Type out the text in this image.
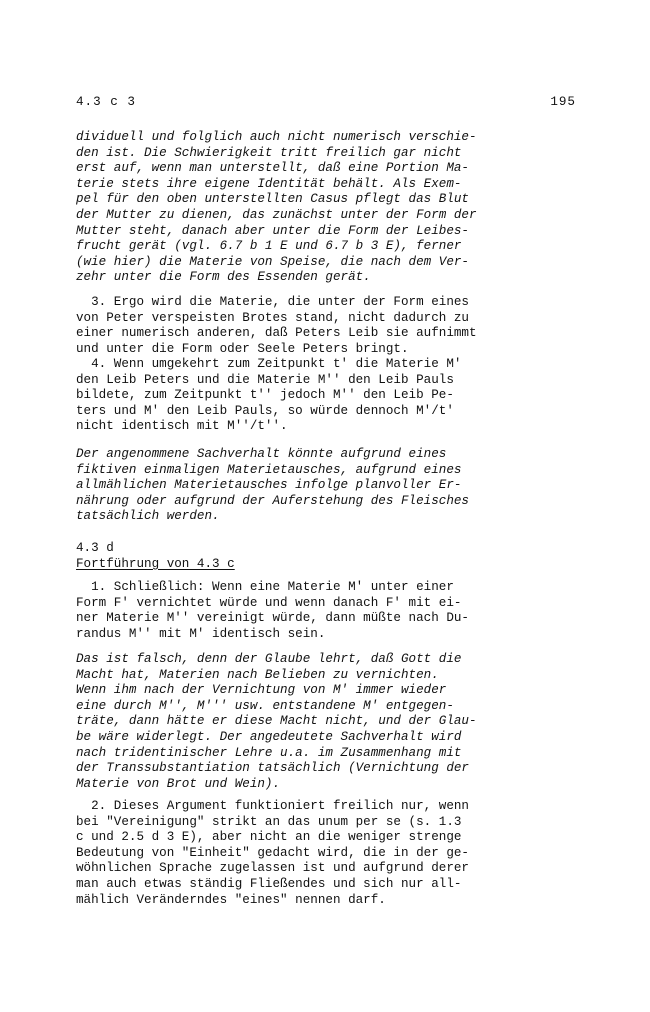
4.3 c 3	195
dividuell und folglich auch nicht numerisch verschie-
den ist. Die Schwierigkeit tritt freilich gar nicht
erst auf, wenn man unterstellt, daß eine Portion Ma-
terie stets ihre eigene Identität behält. Als Exem-
pel für den oben unterstellten Casus pflegt das Blut
der Mutter zu dienen, das zunächst unter der Form der
Mutter steht, danach aber unter die Form der Leibes-
frucht gerät (vgl. 6.7 b 1 E und 6.7 b 3 E), ferner
(wie hier) die Materie von Speise, die nach dem Ver-
zehr unter die Form des Essenden gerät.
3. Ergo wird die Materie, die unter der Form eines
von Peter verspeisten Brotes stand, nicht dadurch zu
einer numerisch anderen, daß Peters Leib sie aufnimmt
und unter die Form oder Seele Peters bringt.
4. Wenn umgekehrt zum Zeitpunkt t' die Materie M'
den Leib Peters und die Materie M'' den Leib Pauls
bildete, zum Zeitpunkt t'' jedoch M'' den Leib Pe-
ters und M' den Leib Pauls, so würde dennoch M'/t'
nicht identisch mit M''/t''.
Der angenommene Sachverhalt könnte aufgrund eines
fiktiven einmaligen Materietausches, aufgrund eines
allmählichen Materietausches infolge planvoller Er-
nährung oder aufgrund der Auferstehung des Fleisches
tatsächlich werden.
4.3 d
Fortführung von 4.3 c
1. Schließlich: Wenn eine Materie M' unter einer
Form F' vernichtet würde und wenn danach F' mit ei-
ner Materie M'' vereinigt würde, dann müßte nach Du-
randus M'' mit M' identisch sein.
Das ist falsch, denn der Glaube lehrt, daß Gott die
Macht hat, Materien nach Belieben zu vernichten.
Wenn ihm nach der Vernichtung von M' immer wieder
eine durch M'', M''' usw. entstandene M' entgegen-
träte, dann hätte er diese Macht nicht, und der Glau-
be wäre widerlegt. Der angedeutete Sachverhalt wird
nach tridentinischer Lehre u.a. im Zusammenhang mit
der Transsubstantiation tatsächlich (Vernichtung der
Materie von Brot und Wein).
2. Dieses Argument funktioniert freilich nur, wenn
bei "Vereinigung" strikt an das unum per se (s. 1.3
c und 2.5 d 3 E), aber nicht an die weniger strenge
Bedeutung von "Einheit" gedacht wird, die in der ge-
wöhnlichen Sprache zugelassen ist und aufgrund derer
man auch etwas ständig Fließendes und sich nur all-
mählich Veränderndes "eines" nennen darf.
